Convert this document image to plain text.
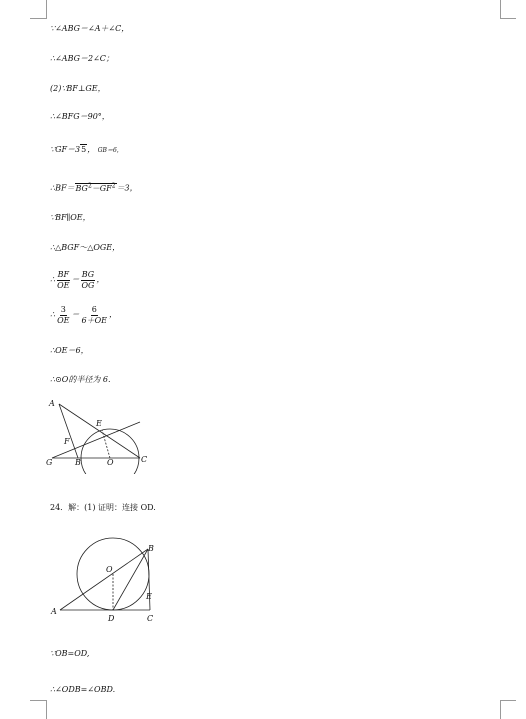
∵∠ABG＝∠A＋∠C，
∴∠ABG＝2∠C；
(2)∵BF⊥GE，
∴∠BFG＝90°，
∵GF＝35， GB＝6，
$\therefore BF=BG^2-GF^2=3$，
∵BF∥OE，
∴△BGF～△OGE，
∴ $\frac{BF}{OE} = \frac{BG}{OG}$ ，
∴ $\frac{3}{OE} = \frac{6}{6+OE}$ ，
∴OE＝6，
∴⊙O的半径为 6.
A
E
F
G	B	O	C
24．解：(1) 证明：连接 OD.
B
O
E
A
D	C
∵OB=OD,
∴∠ODB=∠OBD.
